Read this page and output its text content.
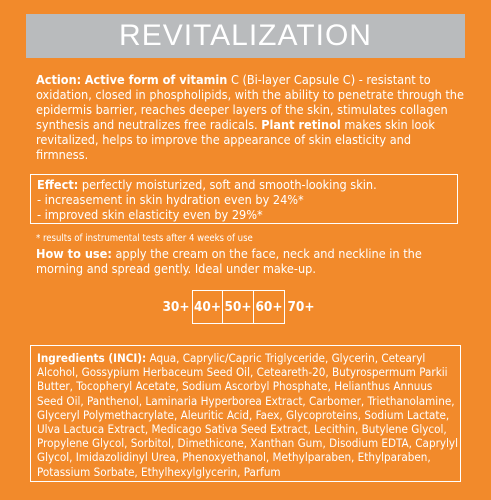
REVITALIZATION
Action: Active form of vitamin C (Bi-layer Capsule C) - resistant to oxidation, closed in phospholipids, with the ability to penetrate through the epidermis barrier, reaches deeper layers of the skin, stimulates collagen synthesis and neutralizes free radicals. Plant retinol makes skin look revitalized, helps to improve the appearance of skin elasticity and firmness.
Effect: perfectly moisturized, soft and smooth-looking skin.
- increasement in skin hydration even by 24%*
- improved skin elasticity even by 29%*
* results of instrumental tests after 4 weeks of use
How to use: apply the cream on the face, neck and neckline in the morning and spread gently. Ideal under make-up.
30+ 40+ 50+ 60+ 70+
Ingredients (INCI): Aqua, Caprylic/Capric Triglyceride, Glycerin, Cetearyl Alcohol, Gossypium Herbaceum Seed Oil, Ceteareth-20, Butyrospermum Parkii Butter, Tocopheryl Acetate, Sodium Ascorbyl Phosphate, Helianthus Annuus Seed Oil, Panthenol, Laminaria Hyperborea Extract, Carbomer, Triethanolamine, Glyceryl Polymethacrylate, Aleuritic Acid, Faex, Glycoproteins, Sodium Lactate, Ulva Lactuca Extract, Medicago Sativa Seed Extract, Lecithin, Butylene Glycol, Propylene Glycol, Sorbitol, Dimethicone, Xanthan Gum, Disodium EDTA, Caprylyl Glycol, Imidazolidinyl Urea, Phenoxyethanol, Methylparaben, Ethylparaben, Potassium Sorbate, Ethylhexylglycerin, Parfum
